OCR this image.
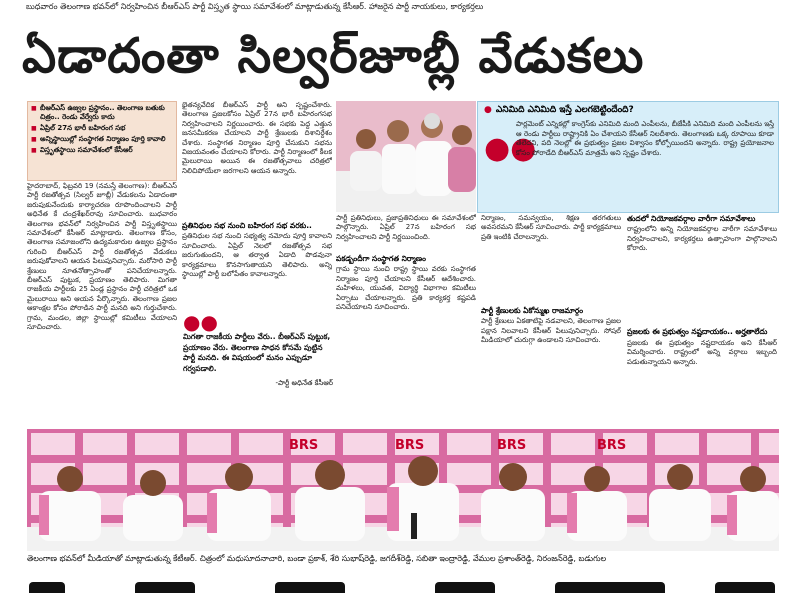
బుధవారం తెలంగాణ భవన్‌లో నిర్వహించిన బీఆర్ఎస్ పార్టీ విస్తృత స్థాయి సమావేశంలో మాట్లాడుతున్న కేసీఆర్. హాజరైన పార్టీ నాయకులు, కార్యకర్తలు
ఏడాదంతా సిల్వర్‌జూబ్లీ వేడుకలు
■ బీఆర్ఎస్ ఉజ్వల ప్రస్థానం.. తెలంగాణ బతుకు చిత్రం.. రెండు వేర్వేరు కాదు
■ ఏప్రిల్ 27న భారీ బహిరంగ సభ
■ అన్నిస్థాయిల్లో సంస్థాగత నిర్మాణం పూర్తి కావాలి
■ విస్తృతస్థాయి సమావేశంలో కేసీఆర్
హైదరాబాద్, ఫిబ్రవరి 19 (నమస్తే తెలంగాణ): బీఆర్ఎస్ పార్టీ రజతోత్సవ (సిల్వర్ జూబ్లీ) వేడుకలను ఏడాదంతా జరుపుకునేందుకు కార్యాచరణ రూపొందించాలని పార్టీ అధినేత కే చంద్రశేఖర్‌రావు సూచించారు. బుధవారం తెలంగాణ భవన్‌లో నిర్వహించిన పార్టీ విస్తృతస్థాయి సమావేశంలో కేసీఆర్ మాట్లాడారు. తెలంగాణ కోసం, తెలంగాణ సమాజంలోని ఉద్యమకారుల ఉజ్వల ప్రస్థానం గురించి బీఆర్ఎస్ పార్టీ రజతోత్సవ వేడుకలు జరుపుకోవాలని ఆయన పిలుపునిచ్చారు. మరోసారి పార్టీ శ్రేణులు నూతనోత్సాహంతో పనిచేయాలన్నారు. బీఆర్ఎస్ పుట్టుక, ప్రయాణం తెలిపారు. మిగతా రాజకీయ పార్టీలకు 25 ఏండ్ల ప్రస్థానం పార్టీ చరిత్రలో ఒక మైలురాయి అని ఆయన పేర్కొన్నారు. తెలంగాణ ప్రజల ఆకాంక్షల కోసం పోరాడిన పార్టీ మనది అని గుర్తుచేశారు. గ్రామ, మండల, జిల్లా స్థాయిల్లో కమిటీలు వేయాలని సూచించారు.
భైతన్యవేదిక బీఆర్ఎస్ పార్టీ అని స్పష్టంచేశారు. తెలంగాణ ప్రజలకోసం ఏప్రిల్ 27న భారీ బహిరంగసభ నిర్వహించాలని నిర్ణయించారు. ఈ సభకు పెద్ద ఎత్తున జనసమీకరణ చేయాలని పార్టీ శ్రేణులకు దిశానిర్దేశం చేశారు. సంస్థాగత నిర్మాణం పూర్తి చేసుకుని సభను విజయవంతం చేయాలని కోరారు. పార్టీ నిర్మాణంలో కీలక మైలురాయి అయిన ఈ రజతోత్సవాలు చరిత్రలో నిలిచిపోయేలా జరగాలని ఆయన అన్నారు.
ప్రతినిధుల సభ నుంచి బహిరంగ సభ వరకు..
ప్రతినిధుల సభ నుంచి సభ్యత్వ నమోదు పూర్తి కావాలని సూచించారు. ఏప్రిల్ నెలలో రజతోత్సవ సభ జరుగుతుందని, ఆ తర్వాత ఏడాది పొడవునా కార్యక్రమాలు కొనసాగుతాయని తెలిపారు. అన్ని స్థాయిల్లో పార్టీ బలోపేతం కావాలన్నారు.
●●
మిగతా రాజకీయ పార్టీలు వేరు.. బీఆర్ఎస్ పుట్టుక, ప్రయాణం వేరు. తెలంగాణ సాధన కోసమే పుట్టిన పార్టీ మనది. ఈ విషయంలో మనం ఎప్పుడూ గర్వపడాలి.
-పార్టీ అధినేత కేసీఆర్
● ఎనిమిది ఎనిమిది ఇస్తే ఎలగబెట్టిందేంది?
●●
పార్లమెంట్ ఎన్నికల్లో కాంగ్రెస్‌కు ఎనిమిది మంది ఎంపీలను, బీజేపీకి ఎనిమిది మంది ఎంపీలను ఇస్తే ఆ రెండు పార్టీలు రాష్ట్రానికి ఏం చేశాయని కేసీఆర్ నిలదీశారు. తెలంగాణకు ఒక్క రూపాయి కూడా తేలేదని, పది నెలల్లో ఈ ప్రభుత్వం ప్రజల విశ్వాసం కోల్పోయిందని అన్నారు. రాష్ట్ర ప్రయోజనాల కోసం పోరాడేది బీఆర్ఎస్ మాత్రమే అని స్పష్టం చేశారు.
పార్టీ ప్రతినిధులు, ప్రజాప్రతినిధులు ఈ సమావేశంలో పాల్గొన్నారు. ఏప్రిల్ 27న బహిరంగ సభ నిర్వహించాలని పార్టీ నిర్ణయించింది.
పకడ్బందీగా సంస్థాగత నిర్మాణం
గ్రామ స్థాయి నుంచి రాష్ట్ర స్థాయి వరకు సంస్థాగత నిర్మాణం పూర్తి చేయాలని కేసీఆర్ ఆదేశించారు. మహిళలు, యువత, విద్యార్థి విభాగాల కమిటీలు ఏర్పాటు చేయాలన్నారు. ప్రతి కార్యకర్త కష్టపడి పనిచేయాలని సూచించారు.
నిర్మాణం, సమన్వయం, శిక్షణ తరగతులు అవసరమని కేసీఆర్ సూచించారు. పార్టీ కార్యక్రమాలు ప్రతి ఇంటికి చేరాలన్నారు.
పార్టీ శ్రేణులకు ఏకోన్ముఖ రాజమార్గం
పార్టీ శ్రేణులు ఏకతాటిపై నడవాలని, తెలంగాణ ప్రజల పక్షాన నిలవాలని కేసీఆర్ పిలుపునిచ్చారు. సోషల్ మీడియాలో చురుగ్గా ఉండాలని సూచించారు.
తుదలో నియోజకవర్గాల వారీగా సమావేశాలు
రాష్ట్రంలోని అన్ని నియోజకవర్గాల వారీగా సమావేశాలు నిర్వహించాలని, కార్యకర్తలు ఉత్సాహంగా పాల్గొనాలని కోరారు.
ప్రజలకు ఈ ప్రభుత్వం నష్టదాయకం.. అర్హతాలేదు
ప్రజలకు ఈ ప్రభుత్వం నష్టదాయకం అని కేసీఆర్ విమర్శించారు. రాష్ట్రంలో అన్ని వర్గాలు ఇబ్బంది పడుతున్నాయని అన్నారు.
BRS	BRS	BRS	BRS
తెలంగాణ భవన్‌లో మీడియాతో మాట్లాడుతున్న కేటీఆర్. చిత్రంలో మధుసూదనాచారి, బండా ప్రకాశ్, శేరి సుభాష్‌రెడ్డి, జగదీశ్‌రెడ్డి, సబితా ఇంద్రారెడ్డి, వేముల ప్రశాంత్‌రెడ్డి, నిరంజన్‌రెడ్డి, బడుగుల
